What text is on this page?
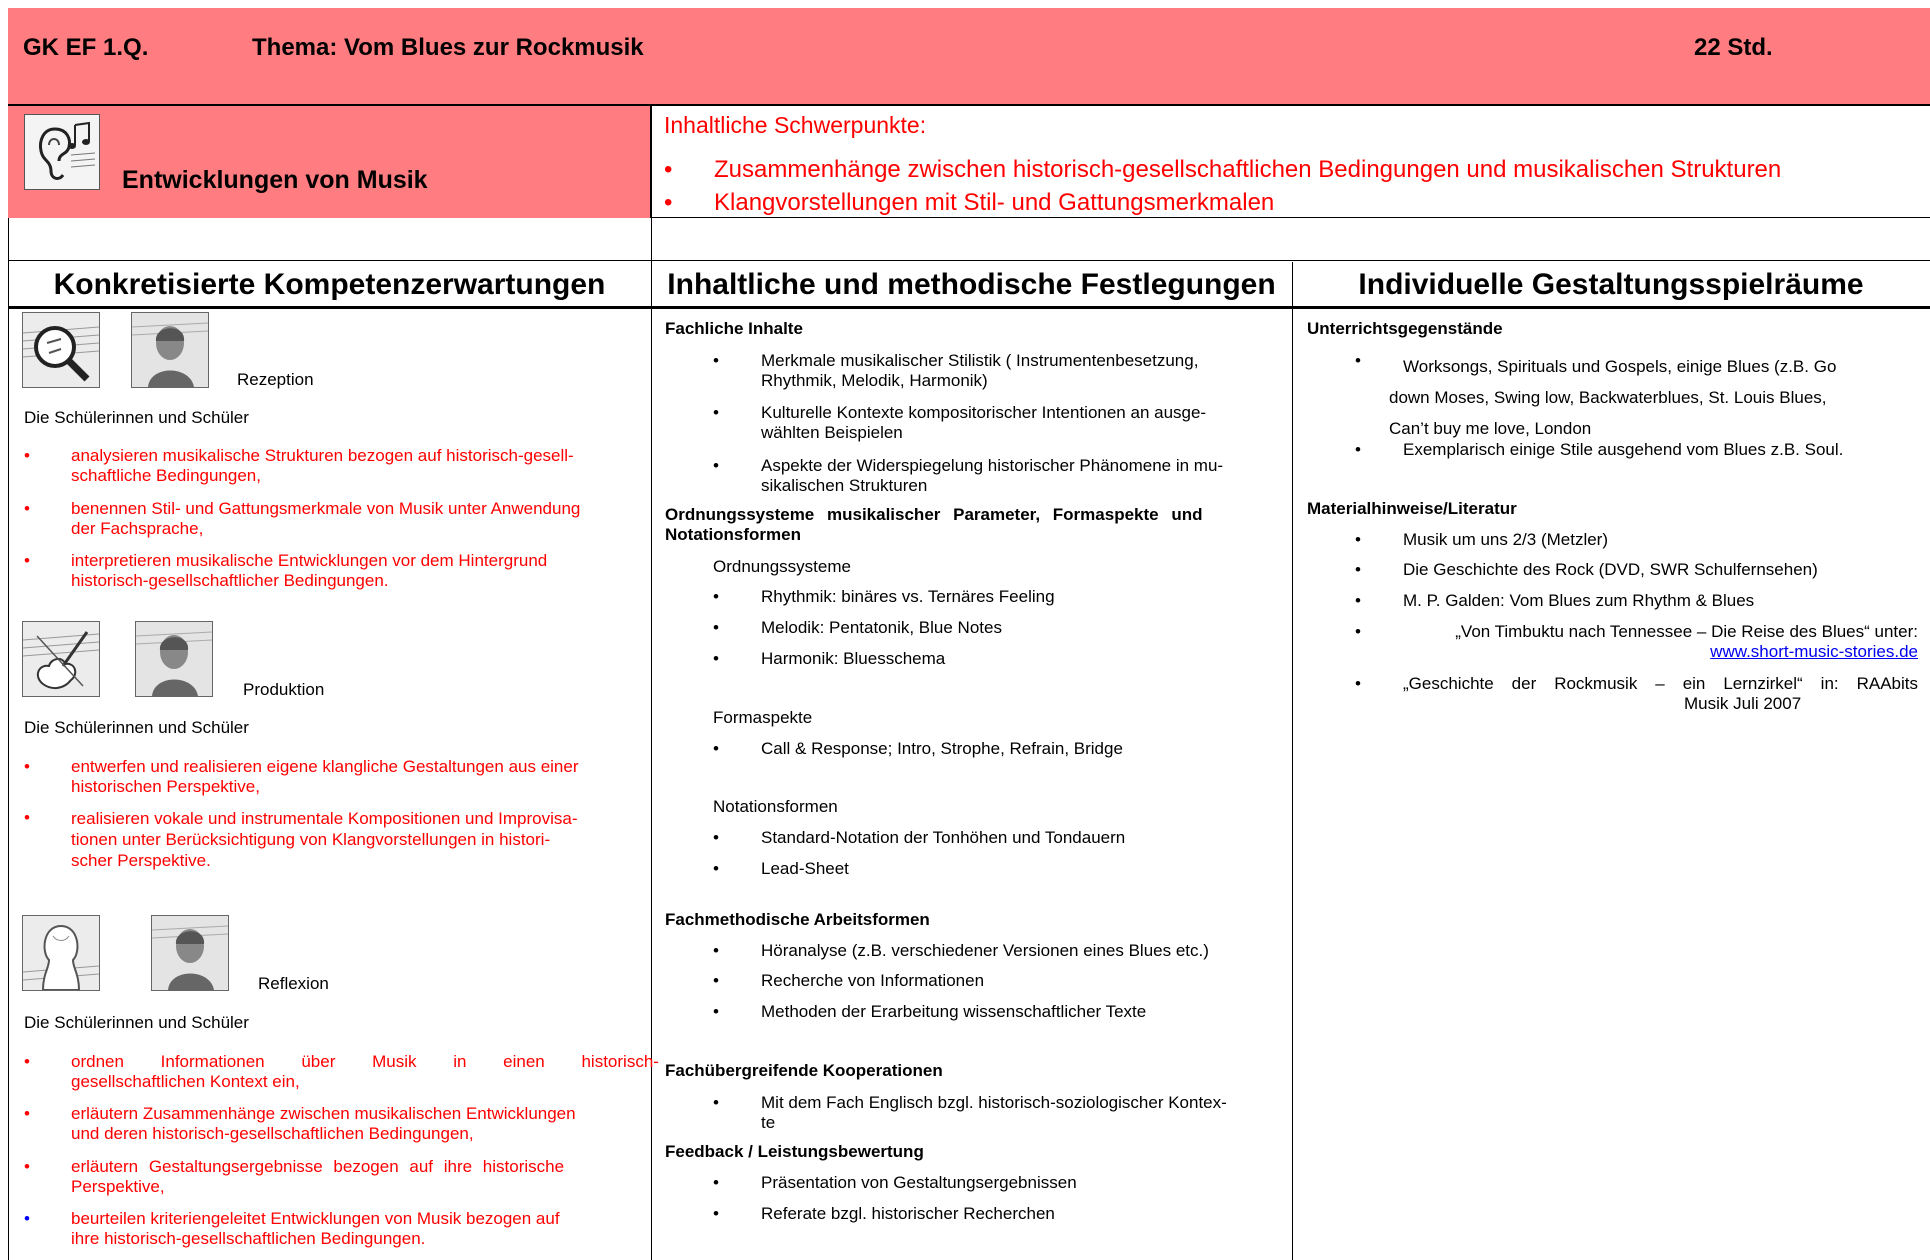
GK EF 1.Q.	Thema: Vom Blues zur Rockmusik	22 Std.
Entwicklungen von Musik
Inhaltliche Schwerpunkte:
• Zusammenhänge zwischen historisch-gesellschaftlichen Bedingungen und musikalischen Strukturen
• Klangvorstellungen mit Stil- und Gattungsmerkmalen
Konkretisierte Kompetenzerwartungen	Inhaltliche und methodische Festlegungen	Individuelle Gestaltungsspielräume
Rezeption
Die Schülerinnen und Schüler
• analysieren musikalische Strukturen bezogen auf historisch-gesell-
schaftliche Bedingungen,
• benennen Stil- und Gattungsmerkmale von Musik unter Anwendung
der Fachsprache,
• interpretieren musikalische Entwicklungen vor dem Hintergrund
historisch-gesellschaftlicher Bedingungen.
Produktion
Die Schülerinnen und Schüler
• entwerfen und realisieren eigene klangliche Gestaltungen aus einer
historischen Perspektive,
• realisieren vokale und instrumentale Kompositionen und Improvisa-
tionen unter Berücksichtigung von Klangvorstellungen in histori-
scher Perspektive.
Reflexion
Die Schülerinnen und Schüler
• ordnen Informationen über Musik in einen historisch-
gesellschaftlichen Kontext ein,
• erläutern Zusammenhänge zwischen musikalischen Entwicklungen
und deren historisch-gesellschaftlichen Bedingungen,
• erläutern Gestaltungsergebnisse bezogen auf ihre historische
Perspektive,
• beurteilen kriteriengeleitet Entwicklungen von Musik bezogen auf
ihre historisch-gesellschaftlichen Bedingungen.
Fachliche Inhalte
• Merkmale musikalischer Stilistik ( Instrumentenbesetzung,
Rhythmik, Melodik, Harmonik)
• Kulturelle Kontexte kompositorischer Intentionen an ausge-
wählten Beispielen
• Aspekte der Widerspiegelung historischer Phänomene in mu-
sikalischen Strukturen
Ordnungssysteme musikalischer Parameter, Formaspekte und
Notationsformen
Ordnungssysteme
• Rhythmik: binäres vs. Ternäres Feeling
• Melodik: Pentatonik, Blue Notes
• Harmonik: Bluesschema
Formaspekte
• Call & Response; Intro, Strophe, Refrain, Bridge
Notationsformen
• Standard-Notation der Tonhöhen und Tondauern
• Lead-Sheet
Fachmethodische Arbeitsformen
• Höranalyse (z.B. verschiedener Versionen eines Blues etc.)
• Recherche von Informationen
• Methoden der Erarbeitung wissenschaftlicher Texte
Fachübergreifende Kooperationen
• Mit dem Fach Englisch bzgl. historisch-soziologischer Kontex-
te
Feedback / Leistungsbewertung
• Präsentation von Gestaltungsergebnissen
• Referate bzgl. historischer Recherchen
Unterrichtsgegenstände
•	Worksongs, Spirituals und Gospels, einige Blues (z.B. Go
down Moses, Swing low, Backwaterblues, St. Louis Blues,
Can’t buy me love, London
• Exemplarisch einige Stile ausgehend vom Blues z.B. Soul.
Materialhinweise/Literatur
• Musik um uns 2/3 (Metzler)
• Die Geschichte des Rock (DVD, SWR Schulfernsehen)
• M. P. Galden: Vom Blues zum Rhythm & Blues
•	„Von Timbuktu nach Tennessee – Die Reise des Blues“ unter:
www.short-music-stories.de
• „Geschichte der Rockmusik – ein Lernzirkel“ in: RAAbits
Musik Juli 2007
